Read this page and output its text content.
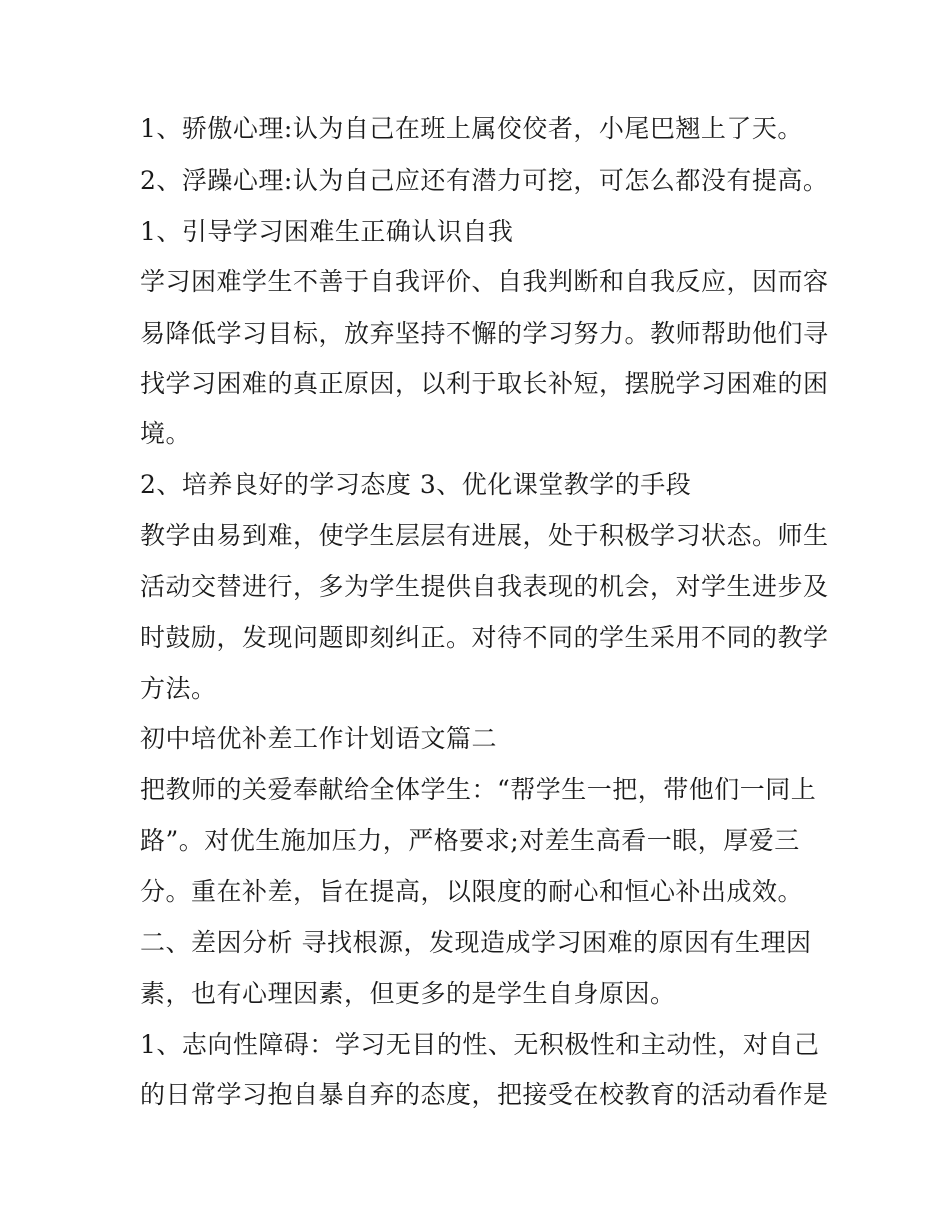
1、骄傲心理:认为自己在班上属佼佼者，小尾巴翘上了天。
2、浮躁心理:认为自己应还有潜力可挖，可怎么都没有提高。
1、引导学习困难生正确认识自我
学习困难学生不善于自我评价、自我判断和自我反应，因而容
易降低学习目标，放弃坚持不懈的学习努力。教师帮助他们寻
找学习困难的真正原因，以利于取长补短，摆脱学习困难的困
境。
2、培养良好的学习态度 3、优化课堂教学的手段
教学由易到难，使学生层层有进展，处于积极学习状态。师生
活动交替进行，多为学生提供自我表现的机会，对学生进步及
时鼓励，发现问题即刻纠正。对待不同的学生采用不同的教学
方法。
初中培优补差工作计划语文篇二
把教师的关爱奉献给全体学生：“帮学生一把，带他们一同上
路”。对优生施加压力，严格要求;对差生高看一眼，厚爱三
分。重在补差，旨在提高，以限度的耐心和恒心补出成效。
二、差因分析 寻找根源，发现造成学习困难的原因有生理因
素，也有心理因素，但更多的是学生自身原因。
1、志向性障碍：学习无目的性、无积极性和主动性，对自己
的日常学习抱自暴自弃的态度，把接受在校教育的活动看作是
